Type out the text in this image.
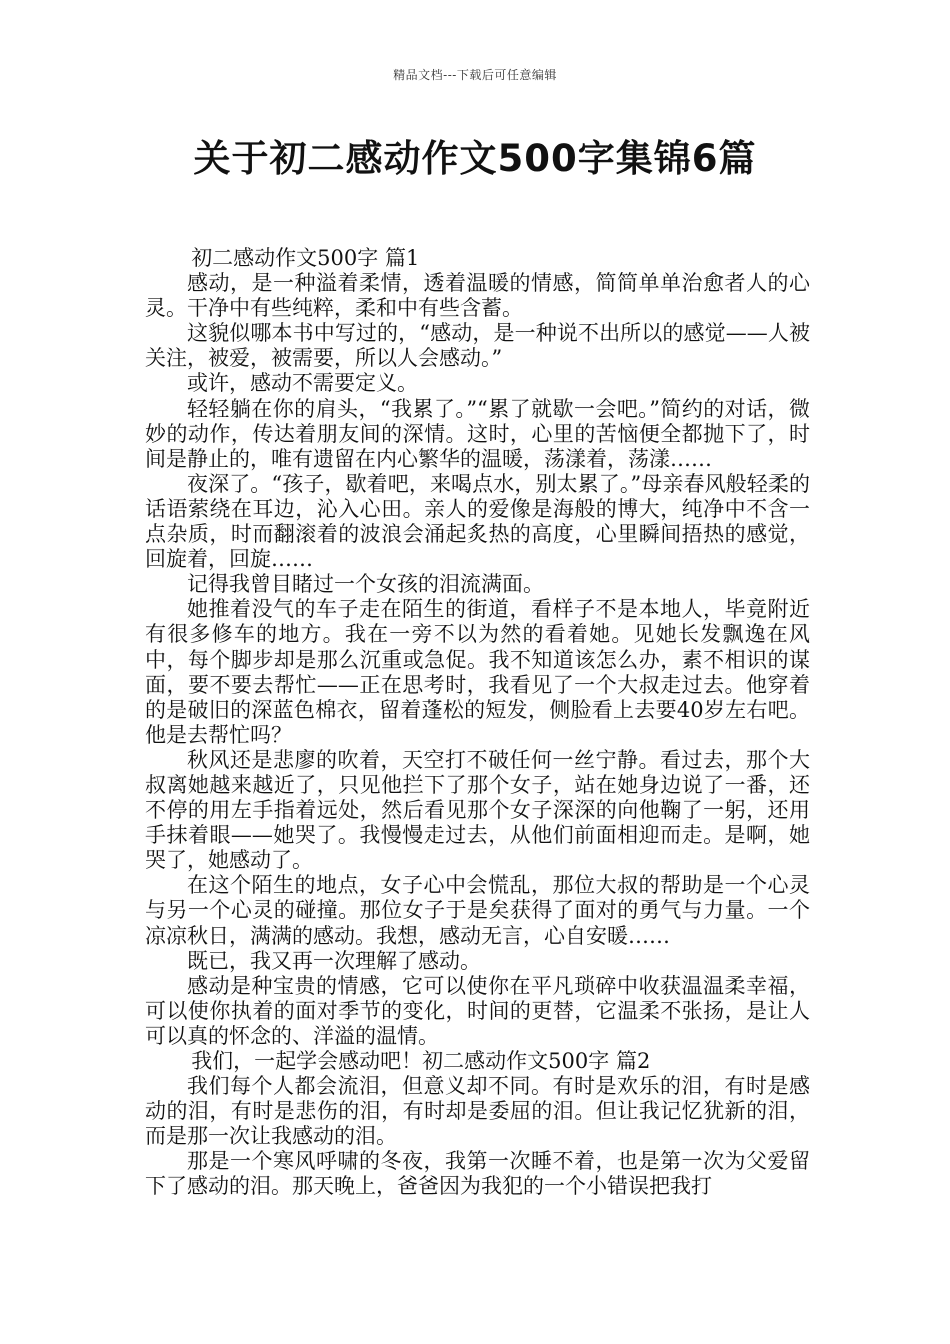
精品文档---下载后可任意编辑
关于初二感动作文500字集锦6篇

初二感动作文500字 篇1

感动，是一种溢着柔情，透着温暖的情感，简简单单治愈者人的心灵。干净中有些纯粹，柔和中有些含蓄。

这貌似哪本书中写过的，“感动，是一种说不出所以的感觉——人被关注，被爱，被需要，所以人会感动。”

或许，感动不需要定义。

轻轻躺在你的肩头，“我累了。”“累了就歇一会吧。”简约的对话，微妙的动作，传达着朋友间的深情。这时，心里的苦恼便全都抛下了，时间是静止的，唯有遗留在内心繁华的温暖，荡漾着，荡漾……

夜深了。“孩子，歇着吧，来喝点水，别太累了。”母亲春风般轻柔的话语萦绕在耳边，沁入心田。亲人的爱像是海般的博大，纯净中不含一点杂质，时而翻滚着的波浪会涌起炙热的高度，心里瞬间捂热的感觉，回旋着，回旋……

记得我曾目睹过一个女孩的泪流满面。

她推着没气的车子走在陌生的街道，看样子不是本地人，毕竟附近有很多修车的地方。我在一旁不以为然的看着她。见她长发飘逸在风中，每个脚步却是那么沉重或急促。我不知道该怎么办，素不相识的谋面，要不要去帮忙——正在思考时，我看见了一个大叔走过去。他穿着的是破旧的深蓝色棉衣，留着蓬松的短发，侧脸看上去要40岁左右吧。他是去帮忙吗？

秋风还是悲廖的吹着，天空打不破任何一丝宁静。看过去，那个大叔离她越来越近了，只见他拦下了那个女子，站在她身边说了一番，还不停的用左手指着远处，然后看见那个女子深深的向他鞠了一躬，还用手抹着眼——她哭了。我慢慢走过去，从他们前面相迎而走。是啊，她哭了，她感动了。

在这个陌生的地点，女子心中会慌乱，那位大叔的帮助是一个心灵与另一个心灵的碰撞。那位女子于是矣获得了面对的勇气与力量。一个凉凉秋日，满满的感动。我想，感动无言，心自安暖……

既已，我又再一次理解了感动。

感动是种宝贵的情感，它可以使你在平凡琐碎中收获温温柔幸福，可以使你执着的面对季节的变化，时间的更替，它温柔不张扬，是让人可以真的怀念的、洋溢的温情。

我们，一起学会感动吧！初二感动作文500字 篇2

我们每个人都会流泪，但意义却不同。有时是欢乐的泪，有时是感动的泪，有时是悲伤的泪，有时却是委屈的泪。但让我记忆犹新的泪，而是那一次让我感动的泪。

那是一个寒风呼啸的冬夜，我第一次睡不着，也是第一次为父爱留下了感动的泪。那天晚上，爸爸因为我犯的一个小错误把我打
